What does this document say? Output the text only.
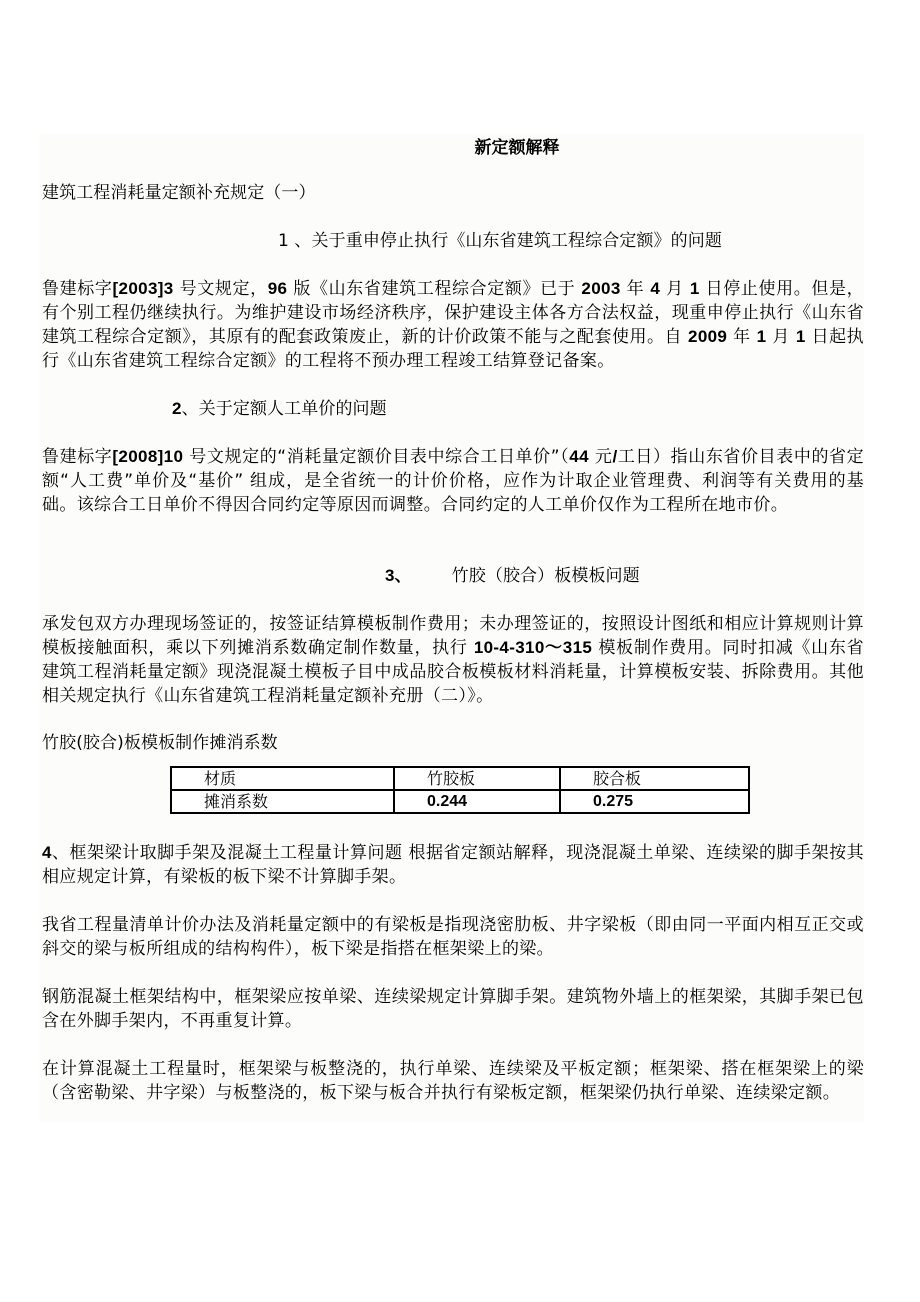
新定额解释
建筑工程消耗量定额补充规定（一）
1 、关于重申停止执行《山东省建筑工程综合定额》的问题
鲁建标字[2003]3 号文规定，96 版《山东省建筑工程综合定额》已于 2003 年 4 月 1 日停止使用。但是，有个别工程仍继续执行。为维护建设市场经济秩序，保护建设主体各方合法权益，现重申停止执行《山东省建筑工程综合定额》，其原有的配套政策废止，新的计价政策不能与之配套使用。自 2009 年 1 月 1 日起执行《山东省建筑工程综合定额》的工程将不预办理工程竣工结算登记备案。
2、关于定额人工单价的问题
鲁建标字[2008]10 号文规定的“消耗量定额价目表中综合工日单价”（44 元/工日）指山东省价目表中的省定额“人工费”单价及“基价” 组成，是全省统一的计价价格，应作为计取企业管理费、利润等有关费用的基础。该综合工日单价不得因合同约定等原因而调整。合同约定的人工单价仅作为工程所在地市价。
3、 竹胶（胶合）板模板问题
承发包双方办理现场签证的，按签证结算模板制作费用；未办理签证的，按照设计图纸和相应计算规则计算模板接触面积，乘以下列摊消系数确定制作数量，执行 10-4-310～315 模板制作费用。同时扣减《山东省建筑工程消耗量定额》现浇混凝土模板子目中成品胶合板模板材料消耗量，计算模板安装、拆除费用。其他相关规定执行《山东省建筑工程消耗量定额补充册（二）》。
竹胶(胶合)板模板制作摊消系数
材质	竹胶板	胶合板
摊消系数	0.244	0.275
4、框架梁计取脚手架及混凝土工程量计算问题 根据省定额站解释，现浇混凝土单梁、连续梁的脚手架按其相应规定计算，有梁板的板下梁不计算脚手架。
我省工程量清单计价办法及消耗量定额中的有梁板是指现浇密肋板、井字梁板（即由同一平面内相互正交或斜交的梁与板所组成的结构构件），板下梁是指搭在框架梁上的梁。
钢筋混凝土框架结构中，框架梁应按单梁、连续梁规定计算脚手架。建筑物外墙上的框架梁，其脚手架已包含在外脚手架内，不再重复计算。
在计算混凝土工程量时，框架梁与板整浇的，执行单梁、连续梁及平板定额；框架梁、搭在框架梁上的梁（含密勒梁、井字梁）与板整浇的，板下梁与板合并执行有梁板定额，框架梁仍执行单梁、连续梁定额。
